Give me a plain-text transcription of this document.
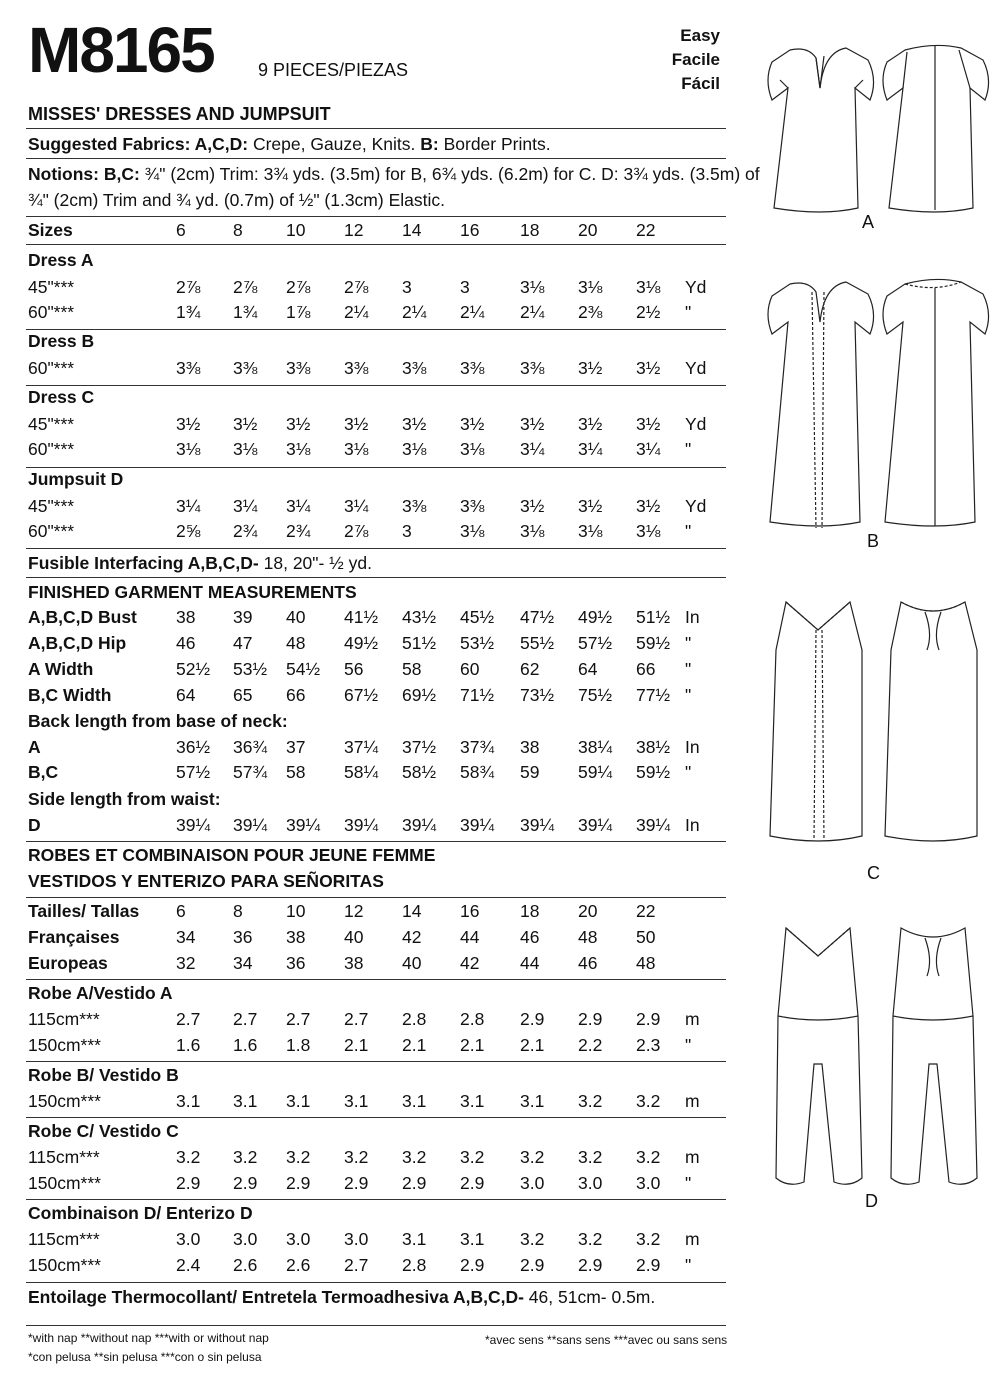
M8165 9 PIECES/PIEZAS
Easy
Facile
Fácil
MISSES' DRESSES AND JUMPSUIT
Suggested Fabrics: A,C,D: Crepe, Gauze, Knits. B: Border Prints.
Notions: B,C: ¾" (2cm) Trim: 3¾ yds. (3.5m) for B, 6¾ yds. (6.2m) for C. D: 3¾ yds. (3.5m) of
¾" (2cm) Trim and ¾ yd. (0.7m) of ½" (1.3cm) Elastic.
Sizes	6	8 10 12 14 16 18 20 22
Dress A
45"***	2⅞ 2⅞ 2⅞ 2⅞ 3	3	3⅛ 3⅛ 3⅛ Yd
60"***	1¾ 1¾ 1⅞ 2¼ 2¼ 2¼ 2¼ 2⅜ 2½ "
Dress B
60"***	3⅜ 3⅜ 3⅜ 3⅜ 3⅜ 3⅜ 3⅜ 3½ 3½ Yd
Dress C
45"***	3½ 3½ 3½ 3½ 3½ 3½ 3½ 3½ 3½ Yd
60"***	3⅛ 3⅛ 3⅛ 3⅛ 3⅛ 3⅛ 3¼ 3¼ 3¼ "
Jumpsuit D
45"***	3¼ 3¼ 3¼ 3¼ 3⅜ 3⅜ 3½ 3½ 3½ Yd
60"***	2⅝ 2¾ 2¾ 2⅞ 3	3⅛ 3⅛ 3⅛ 3⅛ "
Fusible Interfacing A,B,C,D- 18, 20"- ½ yd.
FINISHED GARMENT MEASUREMENTS
A,B,C,D Bust 38 39 40 41½ 43½ 45½ 47½ 49½ 51½ In
A,B,C,D Hip	46 47 48 49½ 51½ 53½ 55½ 57½ 59½ "
A Width	52½ 53½ 54½ 56 58 60 62 64 66 "
B,C Width	64 65 66 67½ 69½ 71½ 73½ 75½ 77½ "
Back length from base of neck:
A	36½ 36¾ 37 37¼ 37½ 37¾ 38 38¼ 38½ In
B,C	57½ 57¾ 58 58¼ 58½ 58¾ 59 59¼ 59½ "
Side length from waist:
D	39¼ 39¼ 39¼ 39¼ 39¼ 39¼ 39¼ 39¼ 39¼ In
ROBES ET COMBINAISON POUR JEUNE FEMME
VESTIDOS Y ENTERIZO PARA SEÑORITAS
Tailles/ Tallas 6	8 10 12 14 16 18 20 22
Françaises	34 36 38 40 42 44 46 48 50
Europeas	32 34 36 38 40 42 44 46 48
Robe A/Vestido A
115cm***	2.7 2.7 2.7 2.7 2.8 2.8 2.9 2.9 2.9 m
150cm***	1.6 1.6 1.8 2.1 2.1 2.1 2.1 2.2 2.3 "
Robe B/ Vestido B
150cm***	3.1 3.1 3.1 3.1 3.1 3.1 3.1 3.2 3.2 m
Robe C/ Vestido C
115cm***	3.2 3.2 3.2 3.2 3.2 3.2 3.2 3.2 3.2 m
150cm***	2.9 2.9 2.9 2.9 2.9 2.9 3.0 3.0 3.0 "
Combinaison D/ Enterizo D
115cm***	3.0 3.0 3.0 3.0 3.1 3.1 3.2 3.2 3.2 m
150cm***	2.4 2.6 2.6 2.7 2.8 2.9 2.9 2.9 2.9 "
Entoilage Thermocollant/ Entretela Termoadhesiva A,B,C,D- 46, 51cm- 0.5m.
*with nap **without nap ***with or without nap
*con pelusa **sin pelusa ***con o sin pelusa
*avec sens **sans sens ***avec ou sans sens
A
B
C
D
